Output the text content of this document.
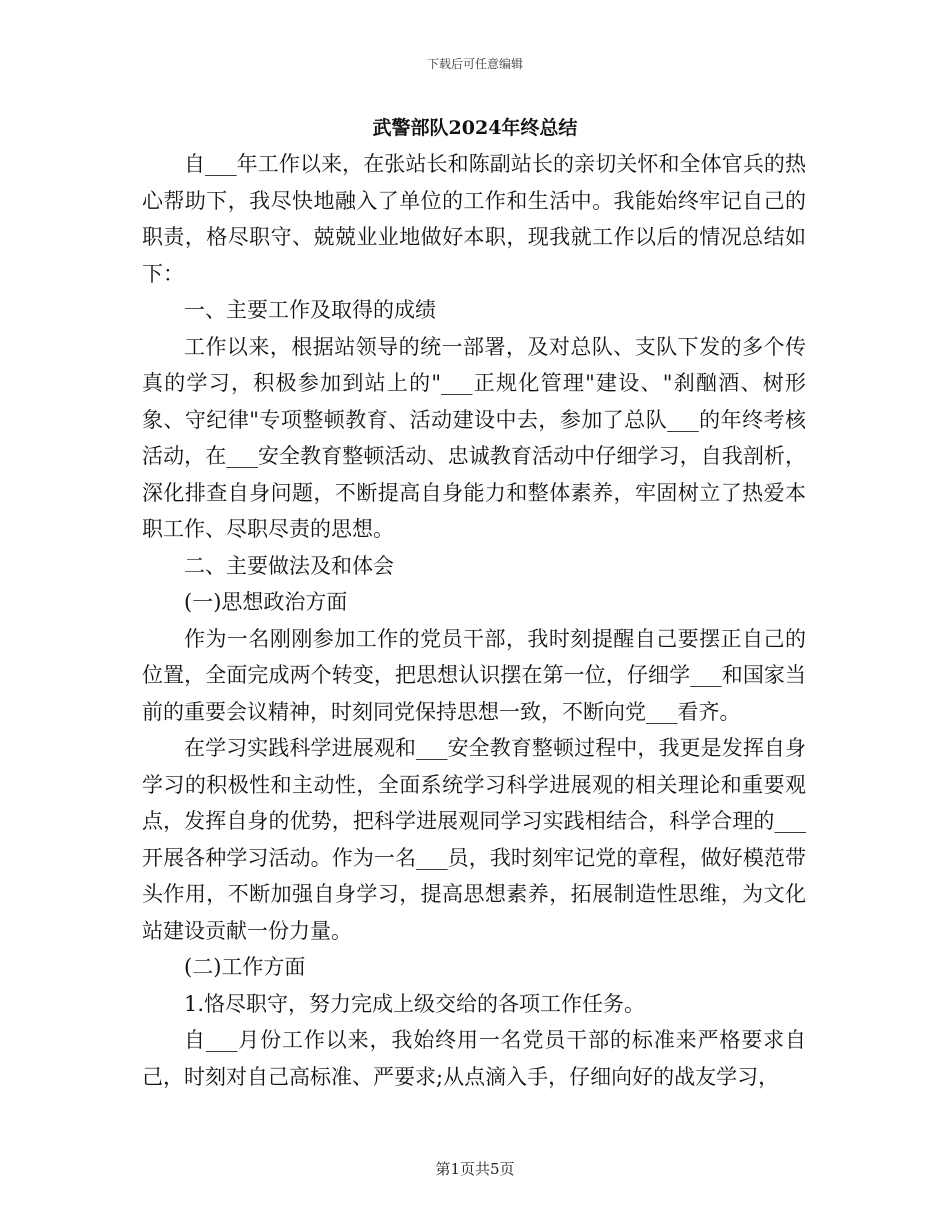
下载后可任意编辑
武警部队2024年终总结

自___年工作以来，在张站长和陈副站长的亲切关怀和全体官兵的热心帮助下，我尽快地融入了单位的工作和生活中。我能始终牢记自己的职责，格尽职守、兢兢业业地做好本职，现我就工作以后的情况总结如下：

一、主要工作及取得的成绩

工作以来，根据站领导的统一部署，及对总队、支队下发的多个传真的学习，积极参加到站上的"___正规化管理"建设、"刹酗酒、树形象、守纪律"专项整顿教育、活动建设中去，参加了总队___的年终考核活动，在___安全教育整顿活动、忠诚教育活动中仔细学习，自我剖析，深化排查自身问题，不断提高自身能力和整体素养，牢固树立了热爱本职工作、尽职尽责的思想。

二、主要做法及和体会

(一)思想政治方面

作为一名刚刚参加工作的党员干部，我时刻提醒自己要摆正自己的位置，全面完成两个转变，把思想认识摆在第一位，仔细学___和国家当前的重要会议精神，时刻同党保持思想一致，不断向党___看齐。

在学习实践科学进展观和___安全教育整顿过程中，我更是发挥自身学习的积极性和主动性，全面系统学习科学进展观的相关理论和重要观点，发挥自身的优势，把科学进展观同学习实践相结合，科学合理的___开展各种学习活动。作为一名___员，我时刻牢记党的章程，做好模范带头作用，不断加强自身学习，提高思想素养，拓展制造性思维，为文化站建设贡献一份力量。

(二)工作方面

1.恪尽职守，努力完成上级交给的各项工作任务。

自___月份工作以来，我始终用一名党员干部的标准来严格要求自己，时刻对自己高标准、严要求;从点滴入手，仔细向好的战友学习，

第1页共5页
